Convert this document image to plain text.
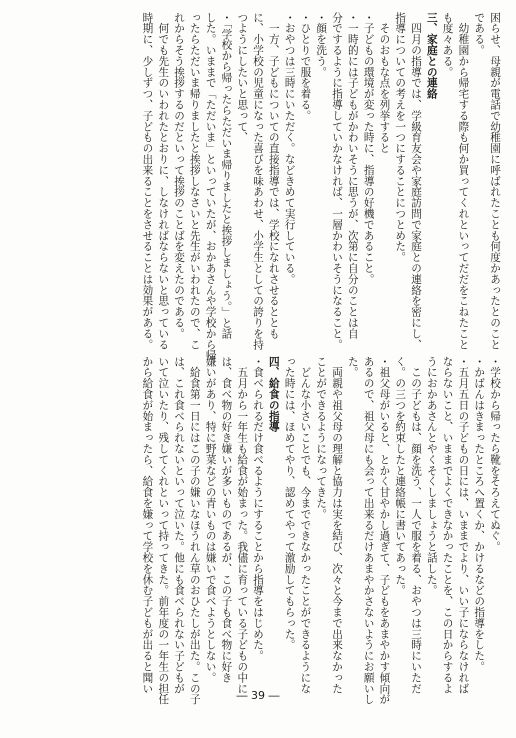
困らせ、母親が電話で幼稚園に呼ばれたことも何度かあったとのこと
である。
　幼稚園から帰宅する際も何か買ってくれといってだだをこねたこと
も度々ある。
三、家庭との連絡
　四月の指導では、学級育友会や家庭訪問で家庭との連絡を密にし、
指導についての考えを一つにすることにつとめた。
　そのおもな点を列挙すると
・子どもの環境が変った時に、指導の好機であること。
・一時的には子どもがかわいそうに思うが、次第に自分のことは自
分でするように指導していかなければ、一層かわいそうになること。
・顔を洗う。
・ひとりで服を着る。
・おやつは三時にいただく。などきめて実行している。
　一方、子どもについての直接指導では、学校になれさせるととも
に、小学校の児童になった喜びを味あわせ、小学生としての誇りを持
つようにしたいと思って、
・「学校から帰ったらただいま帰りましたと挨拶しましょう。」と話
した。いままで「ただいま」といっていたが、おかあさんや学校から帰
ったらただいま帰りましたと挨拶しなさいと先生がいわれたので、こ
れからそう挨拶するのだといって挨拶のことばを変えたのである。
　何でも先生のいわれたとおりに、しなければならないと思っている
時期に、少しずつ、子どもの出来ることをさせることは効果がある。
・学校から帰ったら靴をそろえてぬぐ。
・かばんはきまったところへ置くか、かけるなどの指導をした。
・五月五日の子どもの日には、いままでより、いい子にならなければ
ならないこと、いままでよくできなかったことを、この日からするよ
うにおかあさんとやくそくしましょうと話した。
　この子どもは、顔を洗う、一人で服を着る、おやつは三時にいただ
く。の三つを約束したと連絡帳に書いてあった。
・祖父母がいると、とかく甘やかし過ぎて、子どもをあまやかす傾向が
あるので、祖父母にも会って出来るだけあまやかさないようにお願いし
た。
　両親や祖父母の理解と協力は実を結び、次々と今まで出来なかった
ことができるようになってきた。
　どんな小さいことでも、今までできなかったことができるようにな
った時には、ほめてやり、認めてやって激励してもらった。
四、給食の指導
・食べられるだけ食べるようにすることから指導をはじめた。
　五月から一年生も給食が始まった。我儘に育っている子どもの中に
は、食べ物の好き嫌いが多いものであるが、この子も食べ物に好き
嫌いがあり、特に野菜などの青いものは嫌いで食べようとしない。
　給食第一日にはこの子の嫌いなほうれん草のおひたしが出た。この子
は、これ食べられないといって泣いた。他にも食べられない子どもが
いて泣いたり、残してくれといって持ってきた。前年度の一年生の担任
から給食が始まったら、給食を嫌って学校を休む子どもが出ると聞い
― 39 ―
